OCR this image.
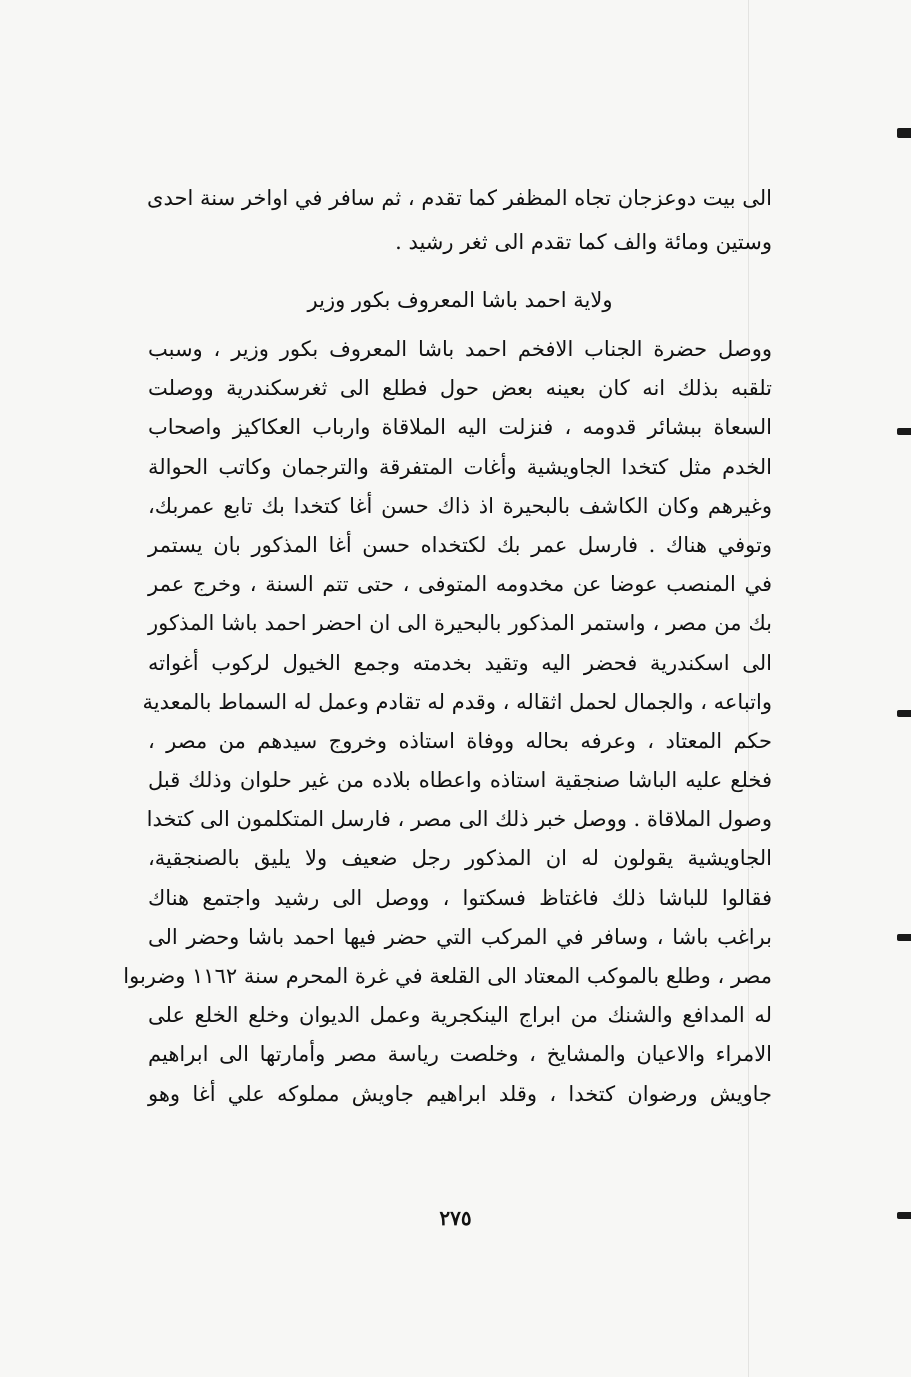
الى بيت دوعزجان تجاه المظفر كما تقدم ، ثم سافر في اواخر سنة احدى
وستين ومائة والف كما تقدم الى ثغر رشيد .
ولاية احمد باشا المعروف بكور وزير
ووصل حضرة الجناب الافخم احمد باشا المعروف بكور وزير ، وسبب
تلقبه بذلك انه كان بعينه بعض حول فطلع الى ثغرسكندرية ووصلت
السعاة ببشائر قدومه ، فنزلت اليه الملاقاة وارباب العكاكيز واصحاب
الخدم مثل كتخدا الجاويشية وأغات المتفرقة والترجمان وكاتب الحوالة
وغيرهم وكان الكاشف بالبحيرة اذ ذاك حسن أغا كتخدا بك تابع عمربك،
وتوفي هناك . فارسل عمر بك لكتخداه حسن أغا المذكور بان يستمر
في المنصب عوضا عن مخدومه المتوفى ، حتى تتم السنة ، وخرج عمر
بك من مصر ، واستمر المذكور بالبحيرة الى ان احضر احمد باشا المذكور
الى اسكندرية فحضر اليه وتقيد بخدمته وجمع الخيول لركوب أغواته
واتباعه ، والجمال لحمل اثقاله ، وقدم له تقادم وعمل له السماط بالمعدية
حكم المعتاد ، وعرفه بحاله ووفاة استاذه وخروج سيدهم من مصر ،
فخلع عليه الباشا صنجقية استاذه واعطاه بلاده من غير حلوان وذلك قبل
وصول الملاقاة . ووصل خبر ذلك الى مصر ، فارسل المتكلمون الى كتخدا
الجاويشية يقولون له ان المذكور رجل ضعيف ولا يليق بالصنجقية،
فقالوا للباشا ذلك فاغتاظ فسكتوا ، ووصل الى رشيد واجتمع هناك
براغب باشا ، وسافر في المركب التي حضر فيها احمد باشا وحضر الى
مصر ، وطلع بالموكب المعتاد الى القلعة في غرة المحرم سنة ١١٦٢ وضربوا
له المدافع والشنك من ابراج الينكجرية وعمل الديوان وخلع الخلع على
الامراء والاعيان والمشايخ ، وخلصت رياسة مصر وأمارتها الى ابراهيم
جاويش ورضوان كتخدا ، وقلد ابراهيم جاويش مملوكه علي أغا وهو
٢٧٥
